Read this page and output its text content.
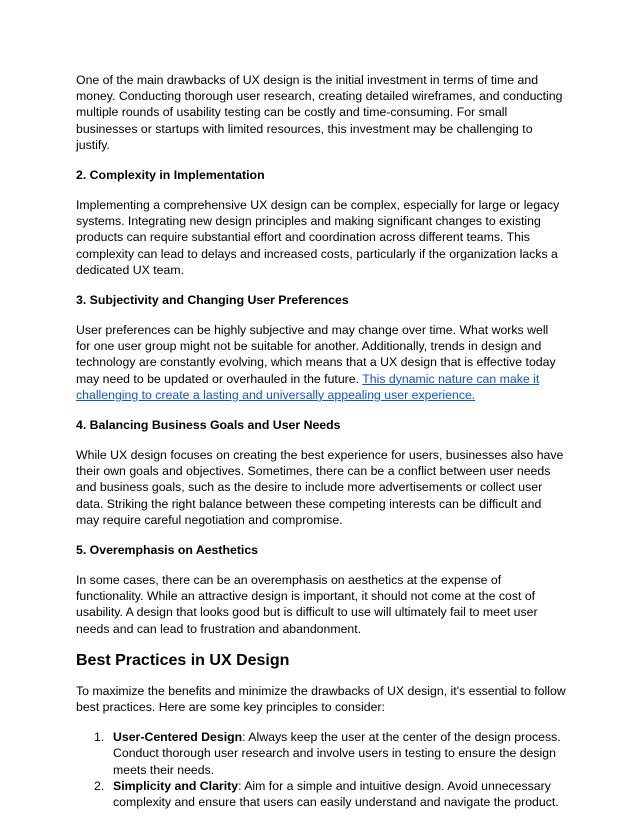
One of the main drawbacks of UX design is the initial investment in terms of time and money. Conducting thorough user research, creating detailed wireframes, and conducting multiple rounds of usability testing can be costly and time-consuming. For small businesses or startups with limited resources, this investment may be challenging to justify.

2. Complexity in Implementation

Implementing a comprehensive UX design can be complex, especially for large or legacy systems. Integrating new design principles and making significant changes to existing products can require substantial effort and coordination across different teams. This complexity can lead to delays and increased costs, particularly if the organization lacks a dedicated UX team.

3. Subjectivity and Changing User Preferences

User preferences can be highly subjective and may change over time. What works well for one user group might not be suitable for another. Additionally, trends in design and technology are constantly evolving, which means that a UX design that is effective today may need to be updated or overhauled in the future. This dynamic nature can make it challenging to create a lasting and universally appealing user experience.

4. Balancing Business Goals and User Needs

While UX design focuses on creating the best experience for users, businesses also have their own goals and objectives. Sometimes, there can be a conflict between user needs and business goals, such as the desire to include more advertisements or collect user data. Striking the right balance between these competing interests can be difficult and may require careful negotiation and compromise.

5. Overemphasis on Aesthetics

In some cases, there can be an overemphasis on aesthetics at the expense of functionality. While an attractive design is important, it should not come at the cost of usability. A design that looks good but is difficult to use will ultimately fail to meet user needs and can lead to frustration and abandonment.

Best Practices in UX Design

To maximize the benefits and minimize the drawbacks of UX design, it's essential to follow best practices. Here are some key principles to consider:

1. User-Centered Design: Always keep the user at the center of the design process. Conduct thorough user research and involve users in testing to ensure the design meets their needs.
2. Simplicity and Clarity: Aim for a simple and intuitive design. Avoid unnecessary complexity and ensure that users can easily understand and navigate the product.
